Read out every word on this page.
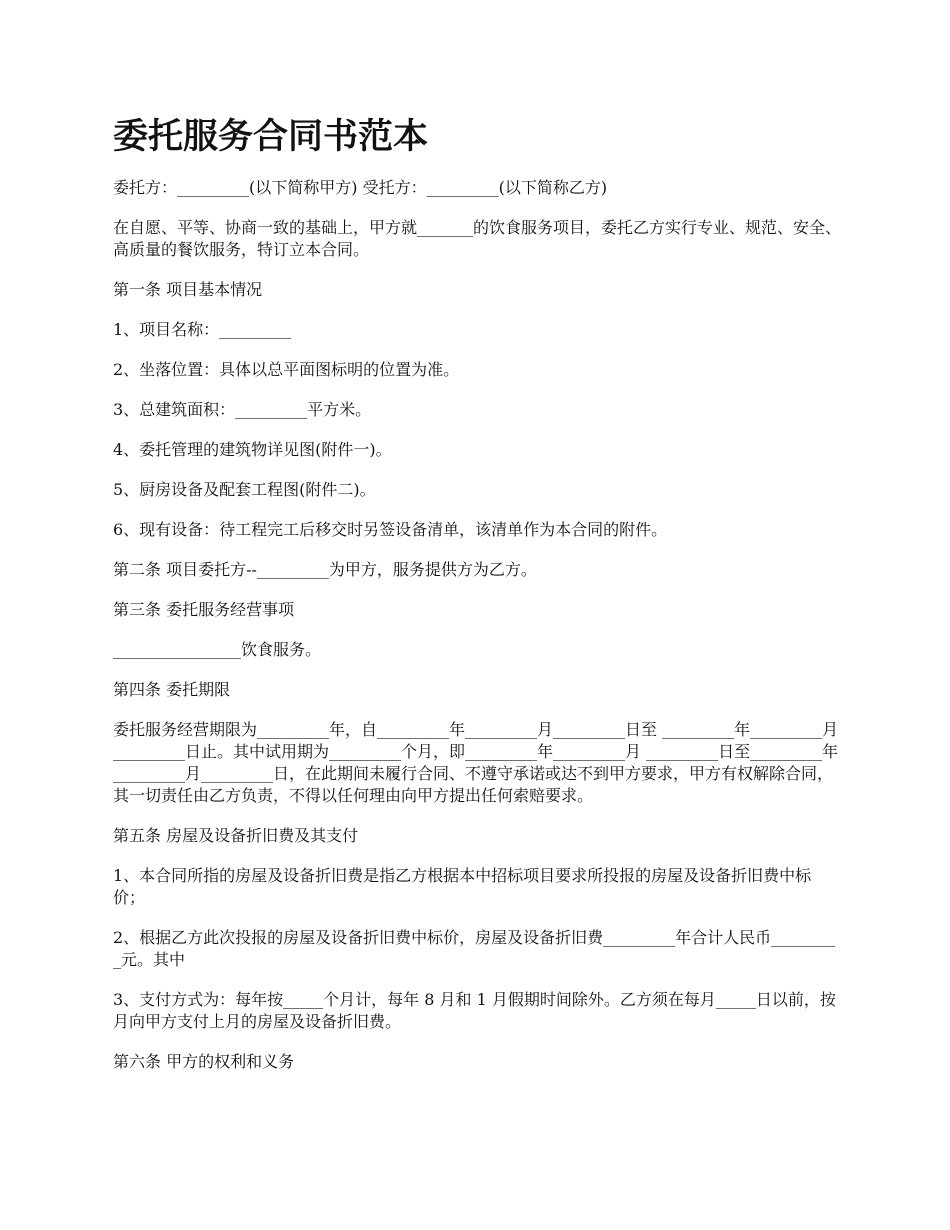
委托服务合同书范本

委托方：_________(以下简称甲方) 受托方：_________(以下简称乙方)

在自愿、平等、协商一致的基础上，甲方就_______的饮食服务项目，委托乙方实行专业、规范、安全、高质量的餐饮服务，特订立本合同。

第一条 项目基本情况

1、项目名称：_________

2、坐落位置：具体以总平面图标明的位置为准。

3、总建筑面积：_________平方米。

4、委托管理的建筑物详见图(附件一)。

5、厨房设备及配套工程图(附件二)。

6、现有设备：待工程完工后移交时另签设备清单，该清单作为本合同的附件。

第二条 项目委托方--_________为甲方，服务提供方为乙方。

第三条 委托服务经营事项

________________饮食服务。

第四条 委托期限

委托服务经营期限为_________年，自_________年_________月_________日至 _________年_________月_________日止。其中试用期为_________个月，即_________年_________月 _________日至_________年_________月_________日，在此期间未履行合同、不遵守承诺或达不到甲方要求，甲方有权解除合同，其一切责任由乙方负责，不得以任何理由向甲方提出任何索赔要求。

第五条 房屋及设备折旧费及其支付

1、本合同所指的房屋及设备折旧费是指乙方根据本中招标项目要求所投报的房屋及设备折旧费中标价；

2、根据乙方此次投报的房屋及设备折旧费中标价，房屋及设备折旧费_________年合计人民币_________元。其中

3、支付方式为：每年按_____个月计，每年 8 月和 1 月假期时间除外。乙方须在每月_____日以前，按月向甲方支付上月的房屋及设备折旧费。

第六条 甲方的权利和义务
